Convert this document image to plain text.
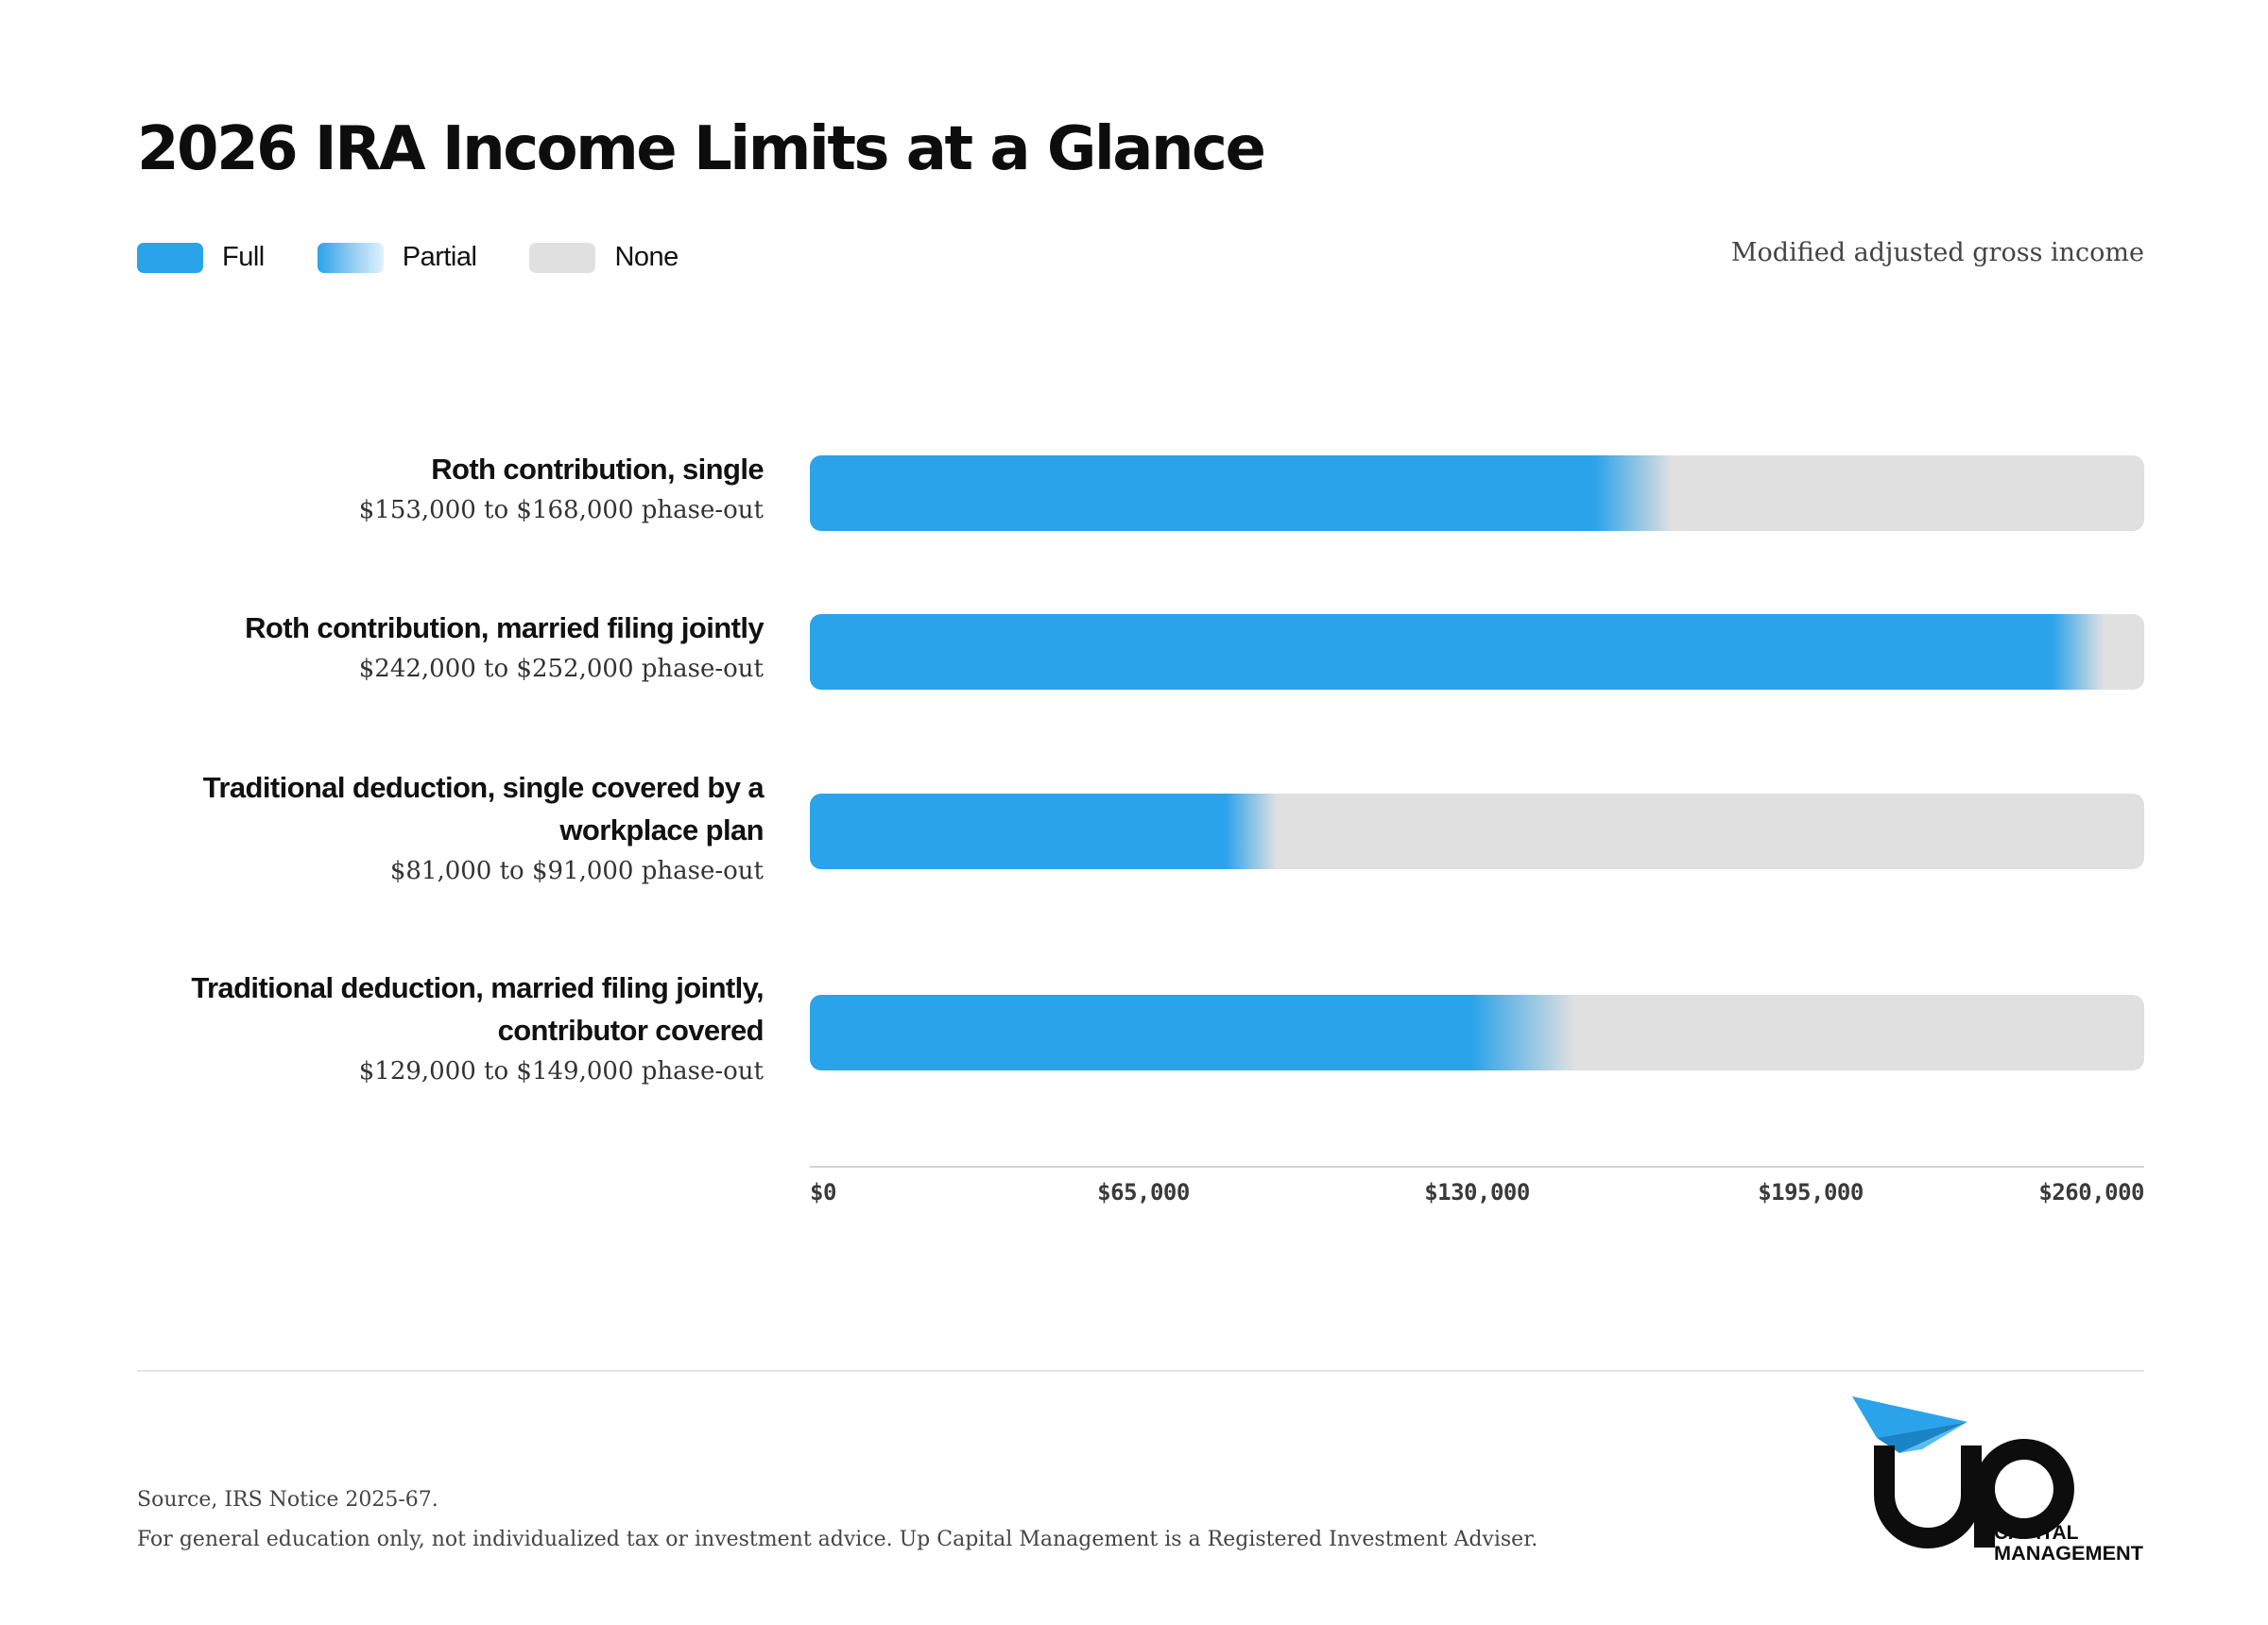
2026 IRA Income Limits at a Glance
Full	Partial	None	Modified adjusted gross income
Roth contribution, single
$153,000 to $168,000 phase-out
Roth contribution, married filing jointly
$242,000 to $252,000 phase-out
Traditional deduction, single covered by a workplace plan
$81,000 to $91,000 phase-out
Traditional deduction, married filing jointly, contributor covered
$129,000 to $149,000 phase-out
$0	$65,000	$130,000	$195,000	$260,000
Source, IRS Notice 2025-67.
For general education only, not individualized tax or investment advice. Up Capital Management is a Registered Investment Adviser.	CAPITAL
MANAGEMENT
